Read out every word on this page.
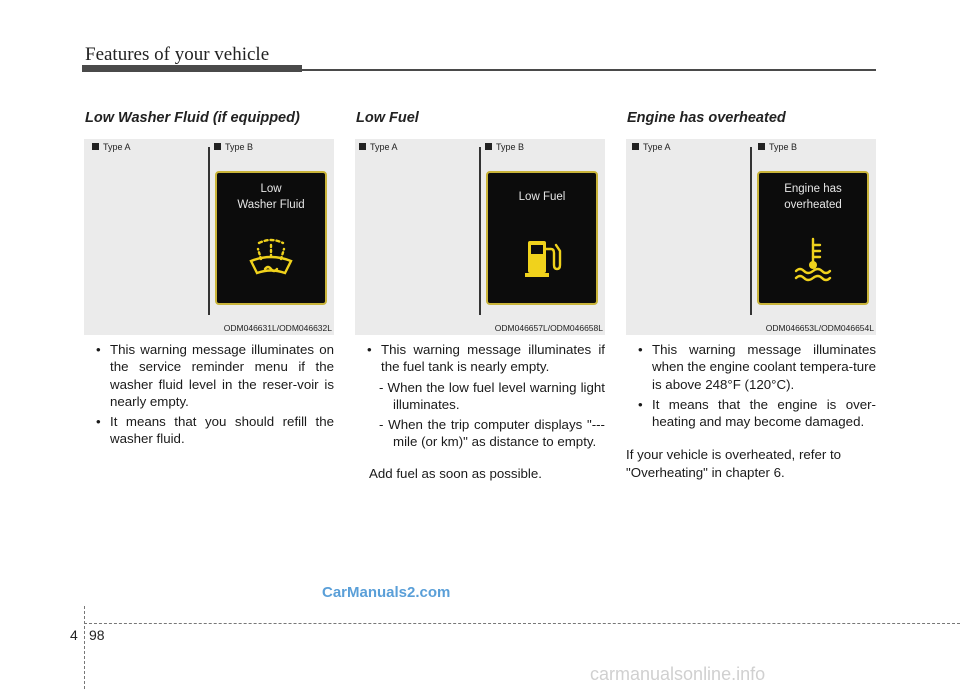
Features of your vehicle
Low Washer Fluid (if equipped)
Type A	Type B
Low
Washer Fluid
ODM046631L/ODM046632L
• This warning message illuminates on the service reminder menu if the washer fluid level in the reser-voir is nearly empty.
• It means that you should refill the washer fluid.
Low Fuel
Type A	Type B
Low Fuel
ODM046657L/ODM046658L
• This warning message illuminates if the fuel tank is nearly empty.
- When the low fuel level warning light illuminates.
- When the trip computer displays "--- mile (or km)" as distance to empty.
Add fuel as soon as possible.
Engine has overheated
Type A	Type B
Engine has
overheated
ODM046653L/ODM046654L
• This warning message illuminates when the engine coolant tempera-ture is above 248°F (120°C).
• It means that the engine is over-heating and may become damaged.
If your vehicle is overheated, refer to "Overheating" in chapter 6.
CarManuals2.com
4 98
carmanualsonline.info
